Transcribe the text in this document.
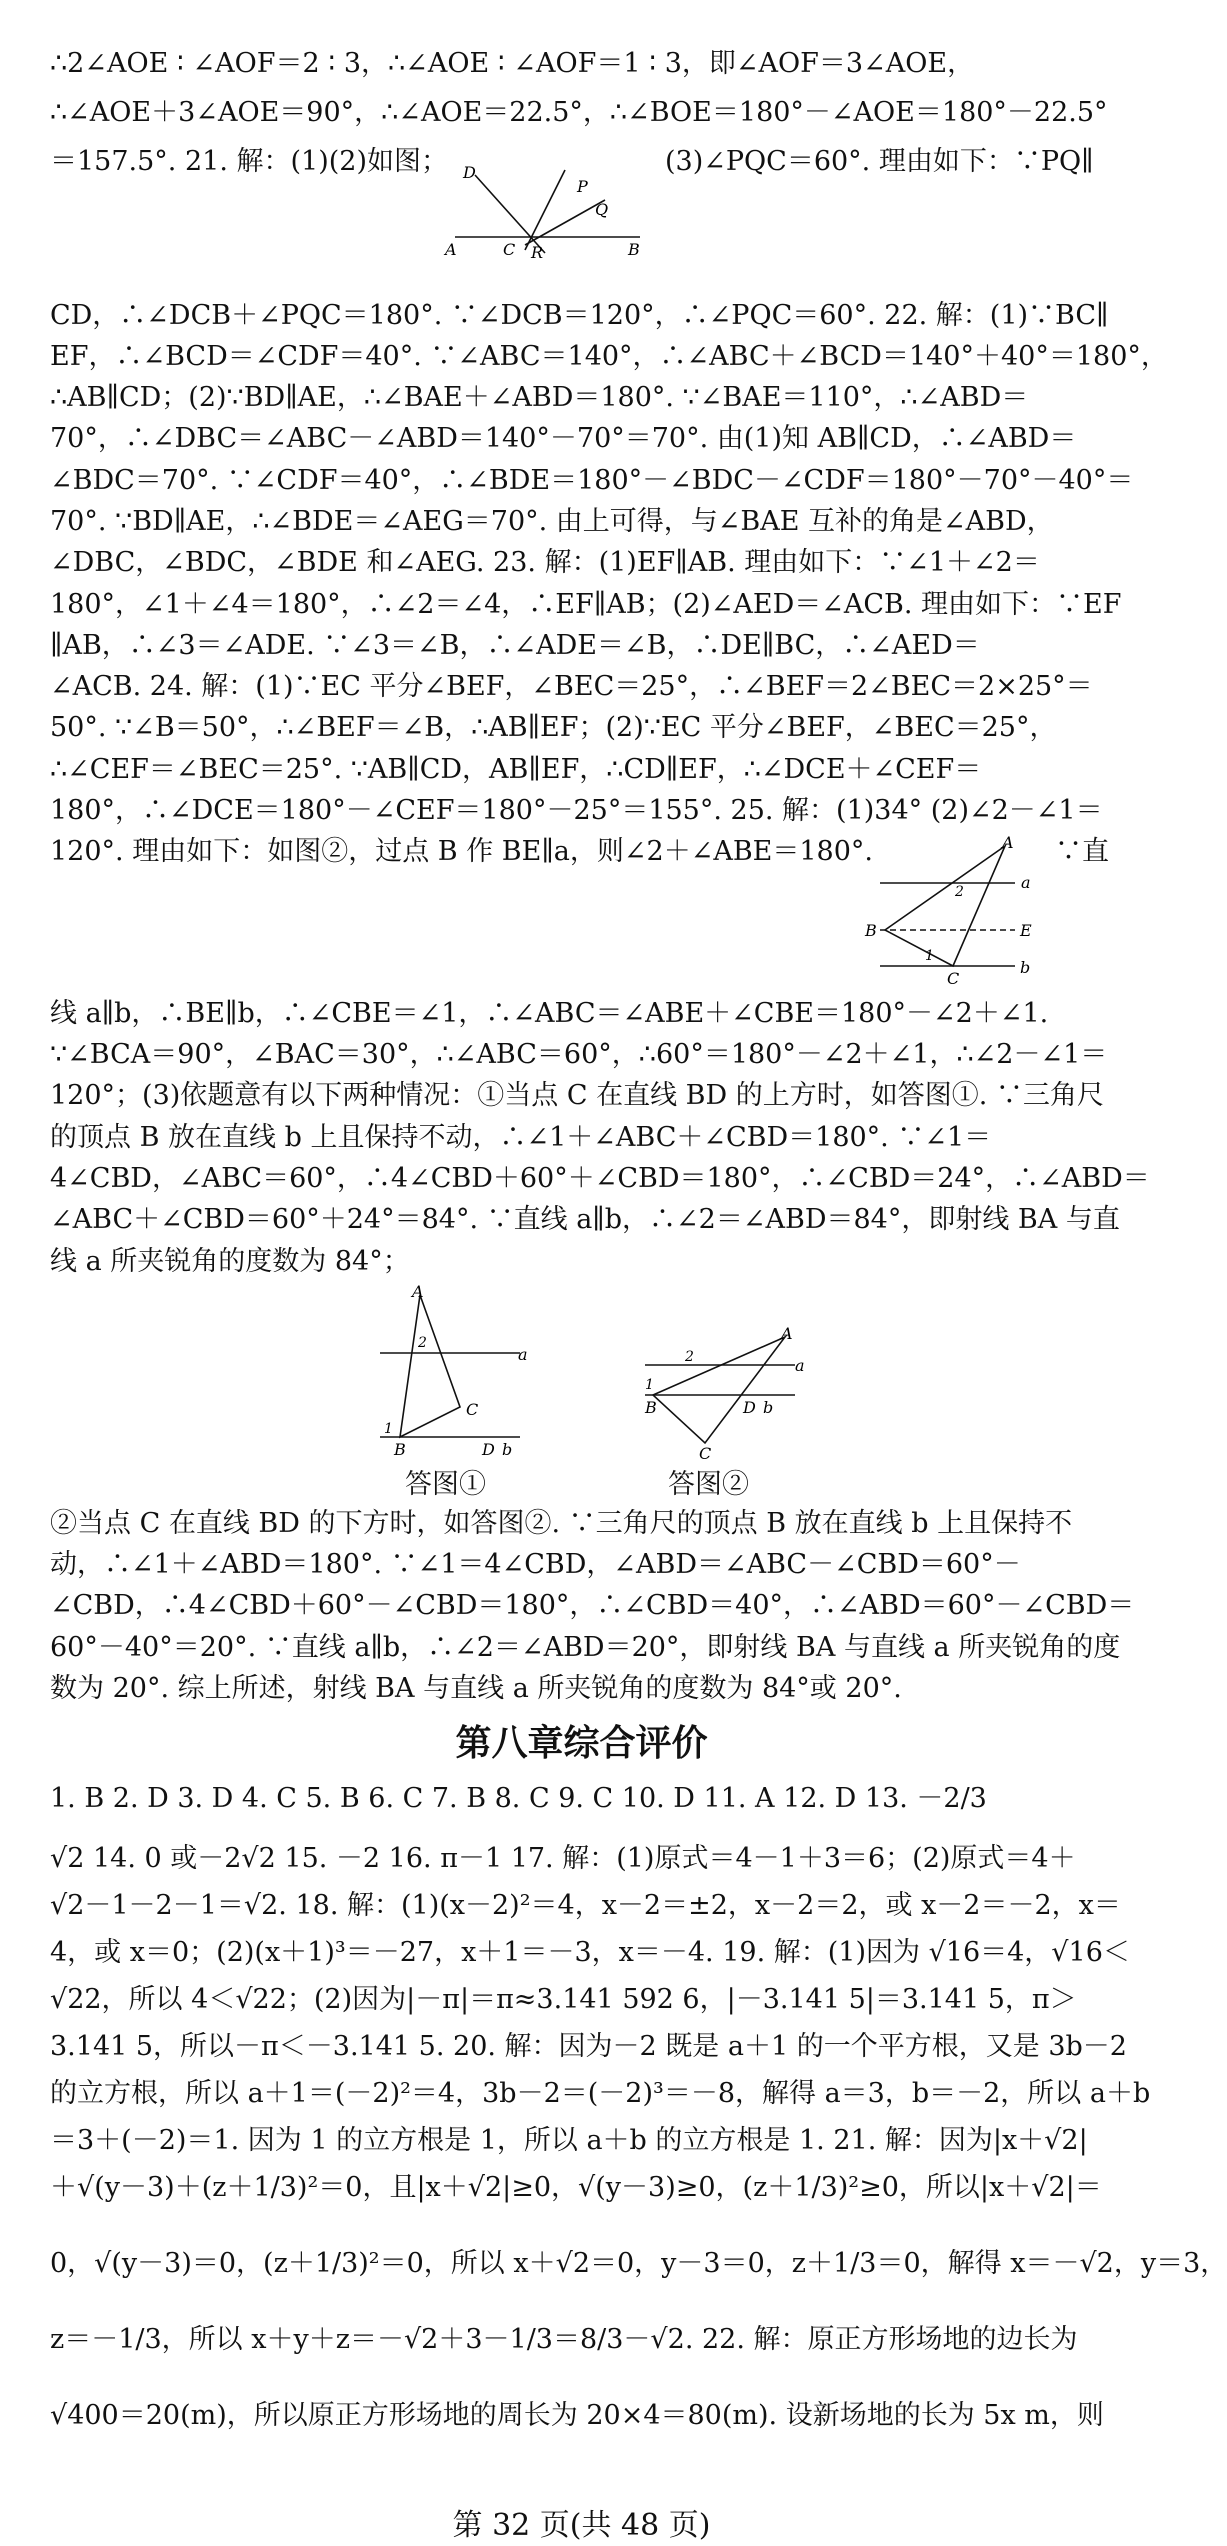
∴2∠AOE ∶ ∠AOF＝2 ∶ 3，∴∠AOE ∶ ∠AOF＝1 ∶ 3，即∠AOF＝3∠AOE，
∴∠AOE＋3∠AOE＝90°，∴∠AOE＝22.5°，∴∠BOE＝180°－∠AOE＝180°－22.5°
＝157.5°. 21. 解：(1)(2)如图；	(3)∠PQC＝60°. 理由如下：∵PQ∥
D
P
Q
A	C R	B
CD，∴∠DCB＋∠PQC＝180°. ∵∠DCB＝120°，∴∠PQC＝60°. 22. 解：(1)∵BC∥
EF，∴∠BCD＝∠CDF＝40°. ∵∠ABC＝140°，∴∠ABC＋∠BCD＝140°＋40°＝180°，
∴AB∥CD；(2)∵BD∥AE，∴∠BAE＋∠ABD＝180°. ∵∠BAE＝110°，∴∠ABD＝
70°，∴∠DBC＝∠ABC－∠ABD＝140°－70°＝70°. 由(1)知 AB∥CD，∴∠ABD＝
∠BDC＝70°. ∵∠CDF＝40°，∴∠BDE＝180°－∠BDC－∠CDF＝180°－70°－40°＝
70°. ∵BD∥AE，∴∠BDE＝∠AEG＝70°. 由上可得，与∠BAE 互补的角是∠ABD，
∠DBC，∠BDC，∠BDE 和∠AEG. 23. 解：(1)EF∥AB. 理由如下：∵∠1＋∠2＝
180°，∠1＋∠4＝180°，∴∠2＝∠4，∴EF∥AB；(2)∠AED＝∠ACB. 理由如下：∵EF
∥AB，∴∠3＝∠ADE. ∵∠3＝∠B，∴∠ADE＝∠B，∴DE∥BC，∴∠AED＝
∠ACB. 24. 解：(1)∵EC 平分∠BEF，∠BEC＝25°，∴∠BEF＝2∠BEC＝2×25°＝
50°. ∵∠B＝50°，∴∠BEF＝∠B，∴AB∥EF；(2)∵EC 平分∠BEF，∠BEC＝25°，
∴∠CEF＝∠BEC＝25°. ∵AB∥CD，AB∥EF，∴CD∥EF，∴∠DCE＋∠CEF＝
180°，∴∠DCE＝180°－∠CEF＝180°－25°＝155°. 25. 解：(1)34° (2)∠2－∠1＝
120°. 理由如下：如图②，过点 B 作 BE∥a，则∠2＋∠ABE＝180°.	∵直
A
2	a
B	E
1
C
b
线 a∥b，∴BE∥b，∴∠CBE＝∠1，∴∠ABC＝∠ABE＋∠CBE＝180°－∠2＋∠1.
∵∠BCA＝90°，∠BAC＝30°，∴∠ABC＝60°，∴60°＝180°－∠2＋∠1，∴∠2－∠1＝
120°；(3)依题意有以下两种情况：①当点 C 在直线 BD 的上方时，如答图①. ∵三角尺
的顶点 B 放在直线 b 上且保持不动，∴∠1＋∠ABC＋∠CBD＝180°. ∵∠1＝
4∠CBD，∠ABC＝60°，∴4∠CBD＋60°＋∠CBD＝180°，∴∠CBD＝24°，∴∠ABD＝
∠ABC＋∠CBD＝60°＋24°＝84°. ∵直线 a∥b，∴∠2＝∠ABD＝84°，即射线 BA 与直
线 a 所夹锐角的度数为 84°；
A
2
a
1
B
C
D b
答图①
A
2	a
1
B	D b
C
答图②
②当点 C 在直线 BD 的下方时，如答图②. ∵三角尺的顶点 B 放在直线 b 上且保持不
动，∴∠1＋∠ABD＝180°. ∵∠1＝4∠CBD，∠ABD＝∠ABC－∠CBD＝60°－
∠CBD，∴4∠CBD＋60°－∠CBD＝180°，∴∠CBD＝40°，∴∠ABD＝60°－∠CBD＝
60°－40°＝20°. ∵直线 a∥b，∴∠2＝∠ABD＝20°，即射线 BA 与直线 a 所夹锐角的度
数为 20°. 综上所述，射线 BA 与直线 a 所夹锐角的度数为 84°或 20°.
第八章综合评价
1. B 2. D 3. D 4. C 5. B 6. C 7. B 8. C 9. C 10. D 11. A 12. D 13. －2/3
√2 14. 0 或－2√2 15. －2 16. π－1 17. 解：(1)原式＝4－1＋3＝6；(2)原式＝4＋
√2－1－2－1＝√2. 18. 解：(1)(x－2)²＝4，x－2＝±2，x－2＝2，或 x－2＝－2，x＝
4，或 x＝0；(2)(x＋1)³＝－27，x＋1＝－3，x＝－4. 19. 解：(1)因为 √16＝4，√16＜
√22，所以 4＜√22；(2)因为|－π|＝π≈3.141 592 6，|－3.141 5|＝3.141 5，π＞
3.141 5，所以－π＜－3.141 5. 20. 解：因为－2 既是 a＋1 的一个平方根，又是 3b－2
的立方根，所以 a＋1＝(－2)²＝4，3b－2＝(－2)³＝－8，解得 a＝3，b＝－2，所以 a＋b
＝3＋(－2)＝1. 因为 1 的立方根是 1，所以 a＋b 的立方根是 1. 21. 解：因为|x＋√2|
＋√(y－3)＋(z＋1/3)²＝0，且|x＋√2|≥0，√(y－3)≥0，(z＋1/3)²≥0，所以|x＋√2|＝
0，√(y－3)＝0，(z＋1/3)²＝0，所以 x＋√2＝0，y－3＝0，z＋1/3＝0，解得 x＝－√2，y＝3，
z＝－1/3，所以 x＋y＋z＝－√2＋3－1/3＝8/3－√2. 22. 解：原正方形场地的边长为
√400＝20(m)，所以原正方形场地的周长为 20×4＝80(m). 设新场地的长为 5x m，则
第 32 页(共 48 页)
